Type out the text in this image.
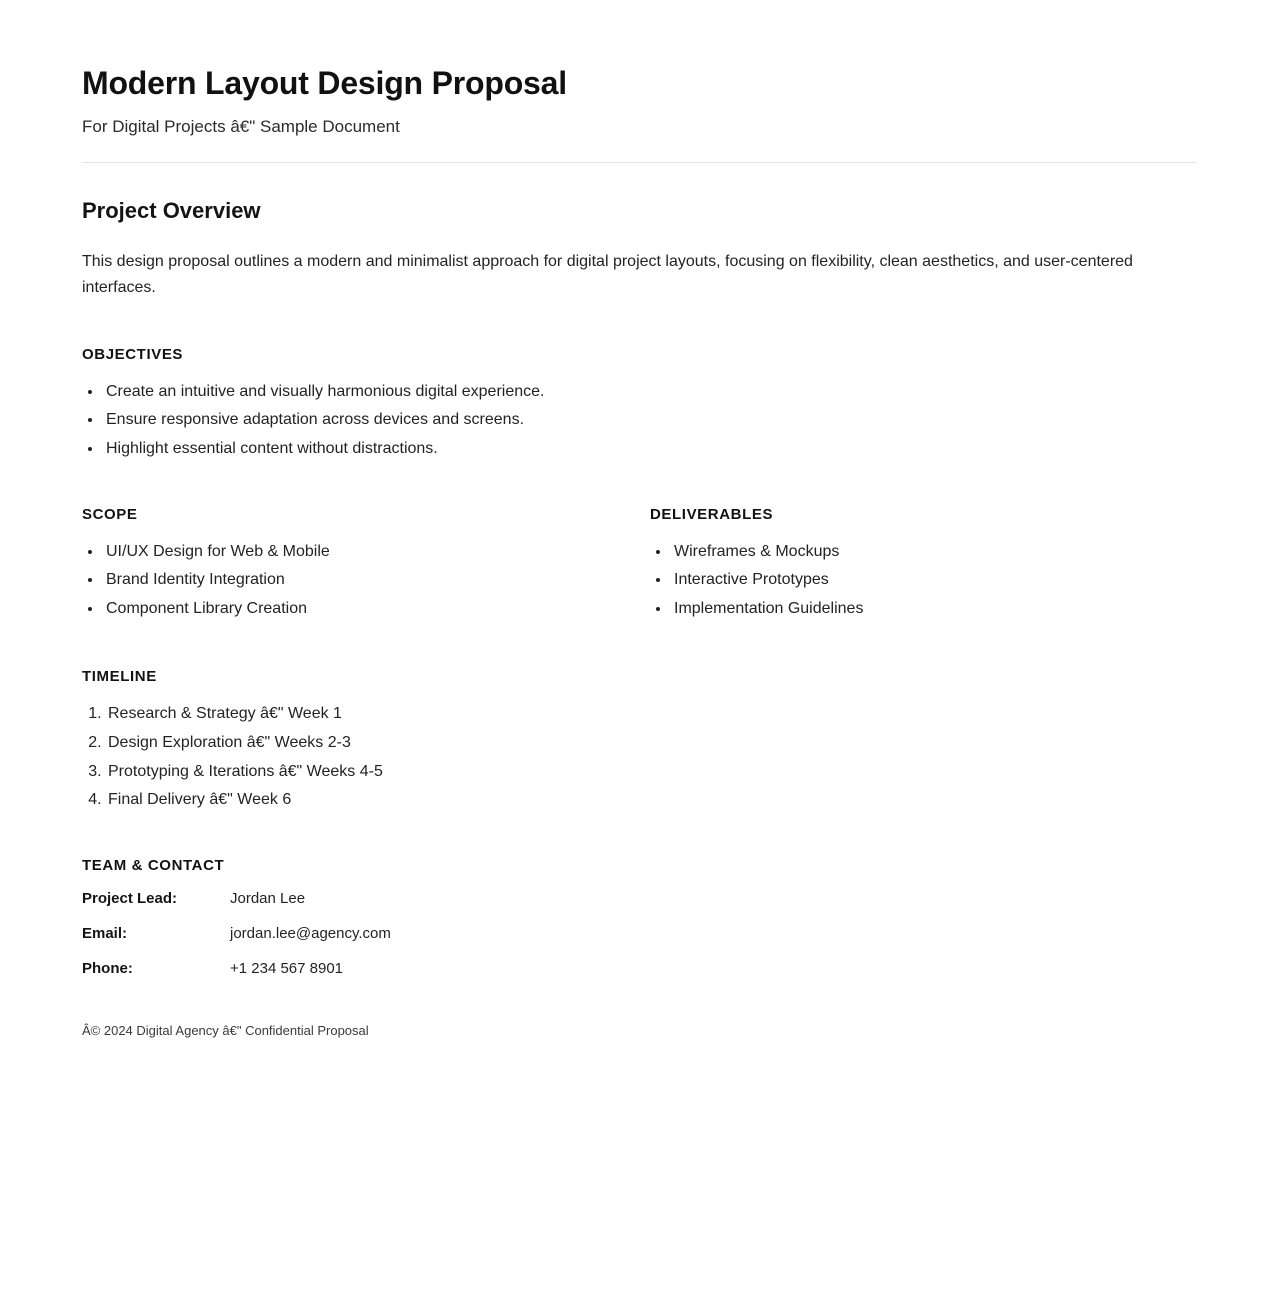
Modern Layout Design Proposal

For Digital Projects â€" Sample Document

Project Overview

This design proposal outlines a modern and minimalist approach for digital project layouts, focusing on flexibility, clean aesthetics, and user-centered interfaces.

OBJECTIVES
• Create an intuitive and visually harmonious digital experience.
• Ensure responsive adaptation across devices and screens.
• Highlight essential content without distractions.
SCOPE
• UI/UX Design for Web & Mobile
• Brand Identity Integration
• Component Library Creation
DELIVERABLES
• Wireframes & Mockups
• Interactive Prototypes
• Implementation Guidelines
TIMELINE
1. Research & Strategy â€" Week 1
2. Design Exploration â€" Weeks 2-3
3. Prototyping & Iterations â€" Weeks 4-5
4. Final Delivery â€" Week 6
TEAM & CONTACT
Project Lead:	Jordan Lee
Email:	jordan.lee@agency.com
Phone:	+1 234 567 8901
Â© 2024 Digital Agency â€" Confidential Proposal
